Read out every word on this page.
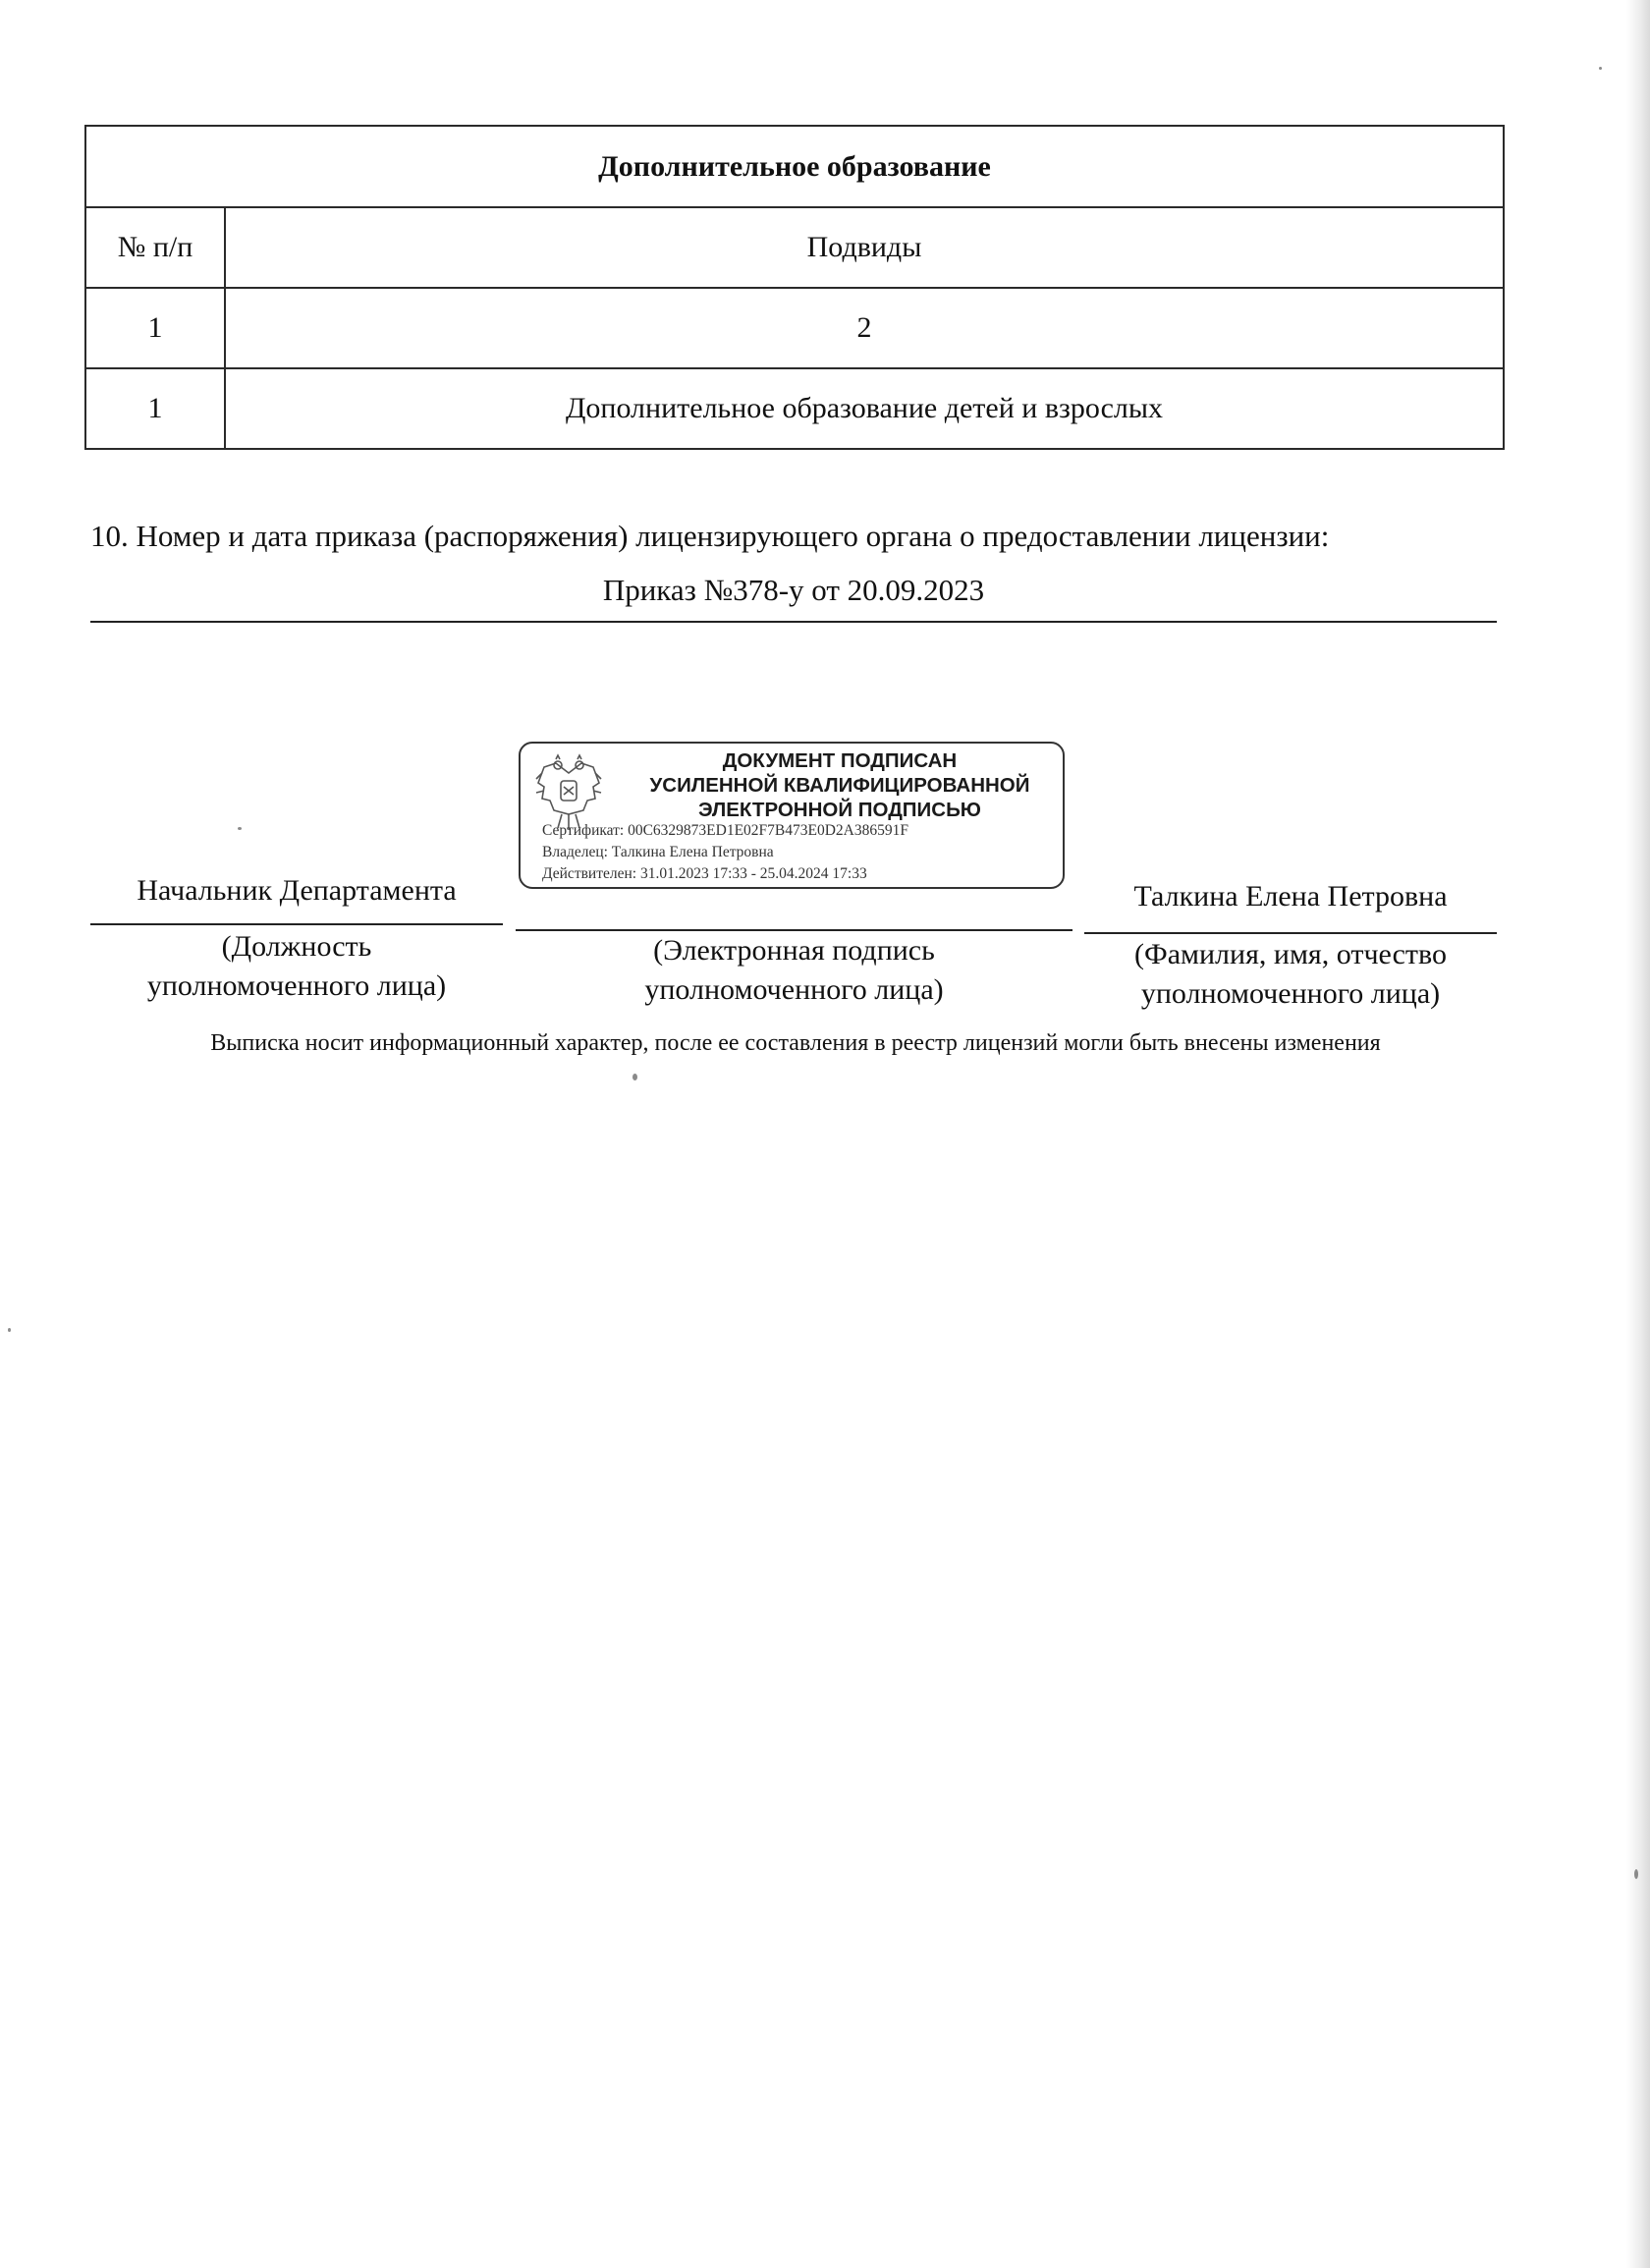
Дополнительное образование	
№ п/п	Подвиды
1	2
1	Дополнительное образование детей и взрослых
10. Номер и дата приказа (распоряжения) лицензирующего органа о предоставлении лицензии:
Приказ №378-у от 20.09.2023
ДОКУМЕНТ ПОДПИСАН
УСИЛЕННОЙ КВАЛИФИЦИРОВАННОЙ
ЭЛЕКТРОННОЙ ПОДПИСЬЮ
Сертификат: 00C6329873ED1E02F7B473E0D2A386591F
Владелец: Талкина Елена Петровна
Действителен: 31.01.2023 17:33 - 25.04.2024 17:33
Начальник Департамента	Талкина Елена Петровна
(Должность
уполномоченного лица)
(Электронная подпись
уполномоченного лица)
(Фамилия, имя, отчество
уполномоченного лица)
Выписка носит информационный характер, после ее составления в реестр лицензий могли быть внесены изменения
